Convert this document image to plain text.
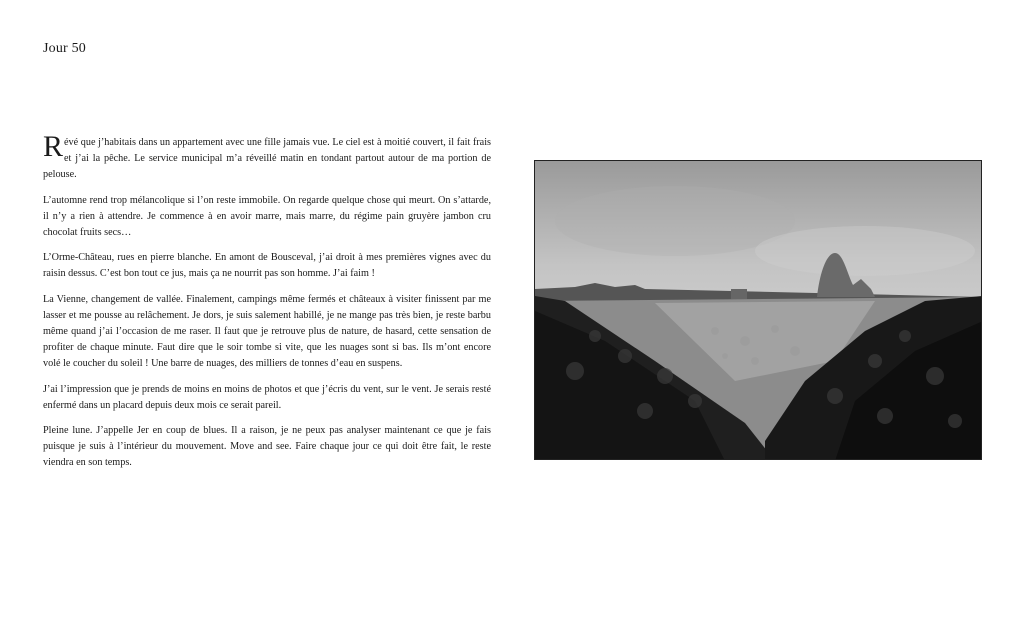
Jour 50

Révé que j’habitais dans un appartement avec une fille jamais vue. Le ciel est à moitié couvert, il fait frais et j’ai la pêche. Le service municipal m’a réveillé matin en tondant partout autour de ma portion de pelouse.

L’automne rend trop mélancolique si l’on reste immobile. On regarde quelque chose qui meurt. On s’attarde, il n’y a rien à attendre. Je commence à en avoir marre, mais marre, du régime pain gruyère jambon cru chocolat fruits secs…

L’Orme-Château, rues en pierre blanche. En amont de Bousceval, j’ai droit à mes premières vignes avec du raisin dessus. C’est bon tout ce jus, mais ça ne nourrit pas son homme. J’ai faim !

La Vienne, changement de vallée. Finalement, campings même fermés et châteaux à visiter finissent par me lasser et me pousse au relâchement. Je dors, je suis salement habillé, je ne mange pas très bien, je reste barbu même quand j’ai l’occasion de me raser. Il faut que je retrouve plus de nature, de hasard, cette sensation de profiter de chaque minute. Faut dire que le soir tombe si vite, que les nuages sont si bas. Ils m’ont encore volé le coucher du soleil ! Une barre de nuages, des milliers de tonnes d’eau en suspens.

J’ai l’impression que je prends de moins en moins de photos et que j’écris du vent, sur le vent. Je serais resté enfermé dans un placard depuis deux mois ce serait pareil.

Pleine lune. J’appelle Jer en coup de blues. Il a raison, je ne peux pas analyser maintenant ce que je fais puisque je suis à l’intérieur du mouvement. Move and see. Faire chaque jour ce qui doit être fait, le reste viendra en son temps.
